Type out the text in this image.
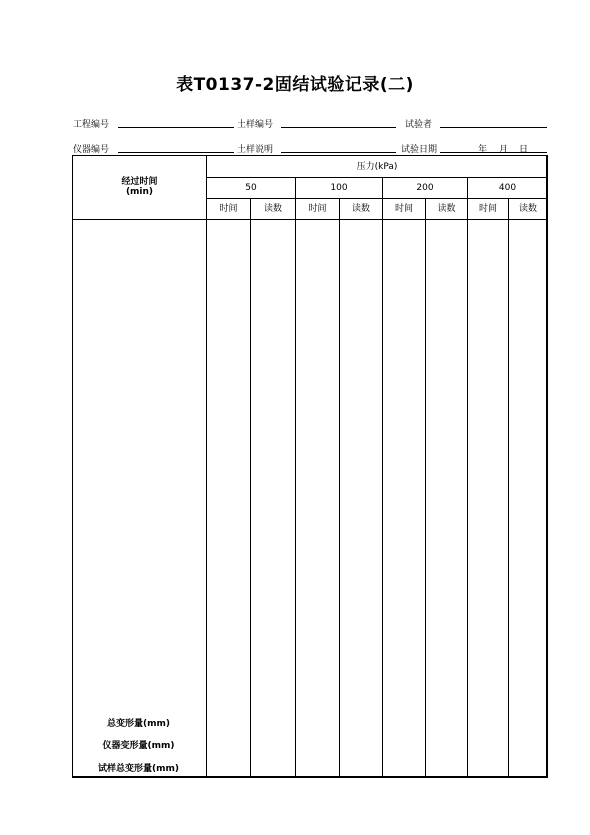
表T0137-2固结试验记录(二)
工程编号	土样编号	试验者
仪器编号	土样说明	试验日期	年 月 日
经过时间
(min)
压力(kPa)
50	100	200	400
时间	读数	时间	读数	时间	读数	时间	读数
总变形量(mm)
仪器变形量(mm)
试样总变形量(mm)
